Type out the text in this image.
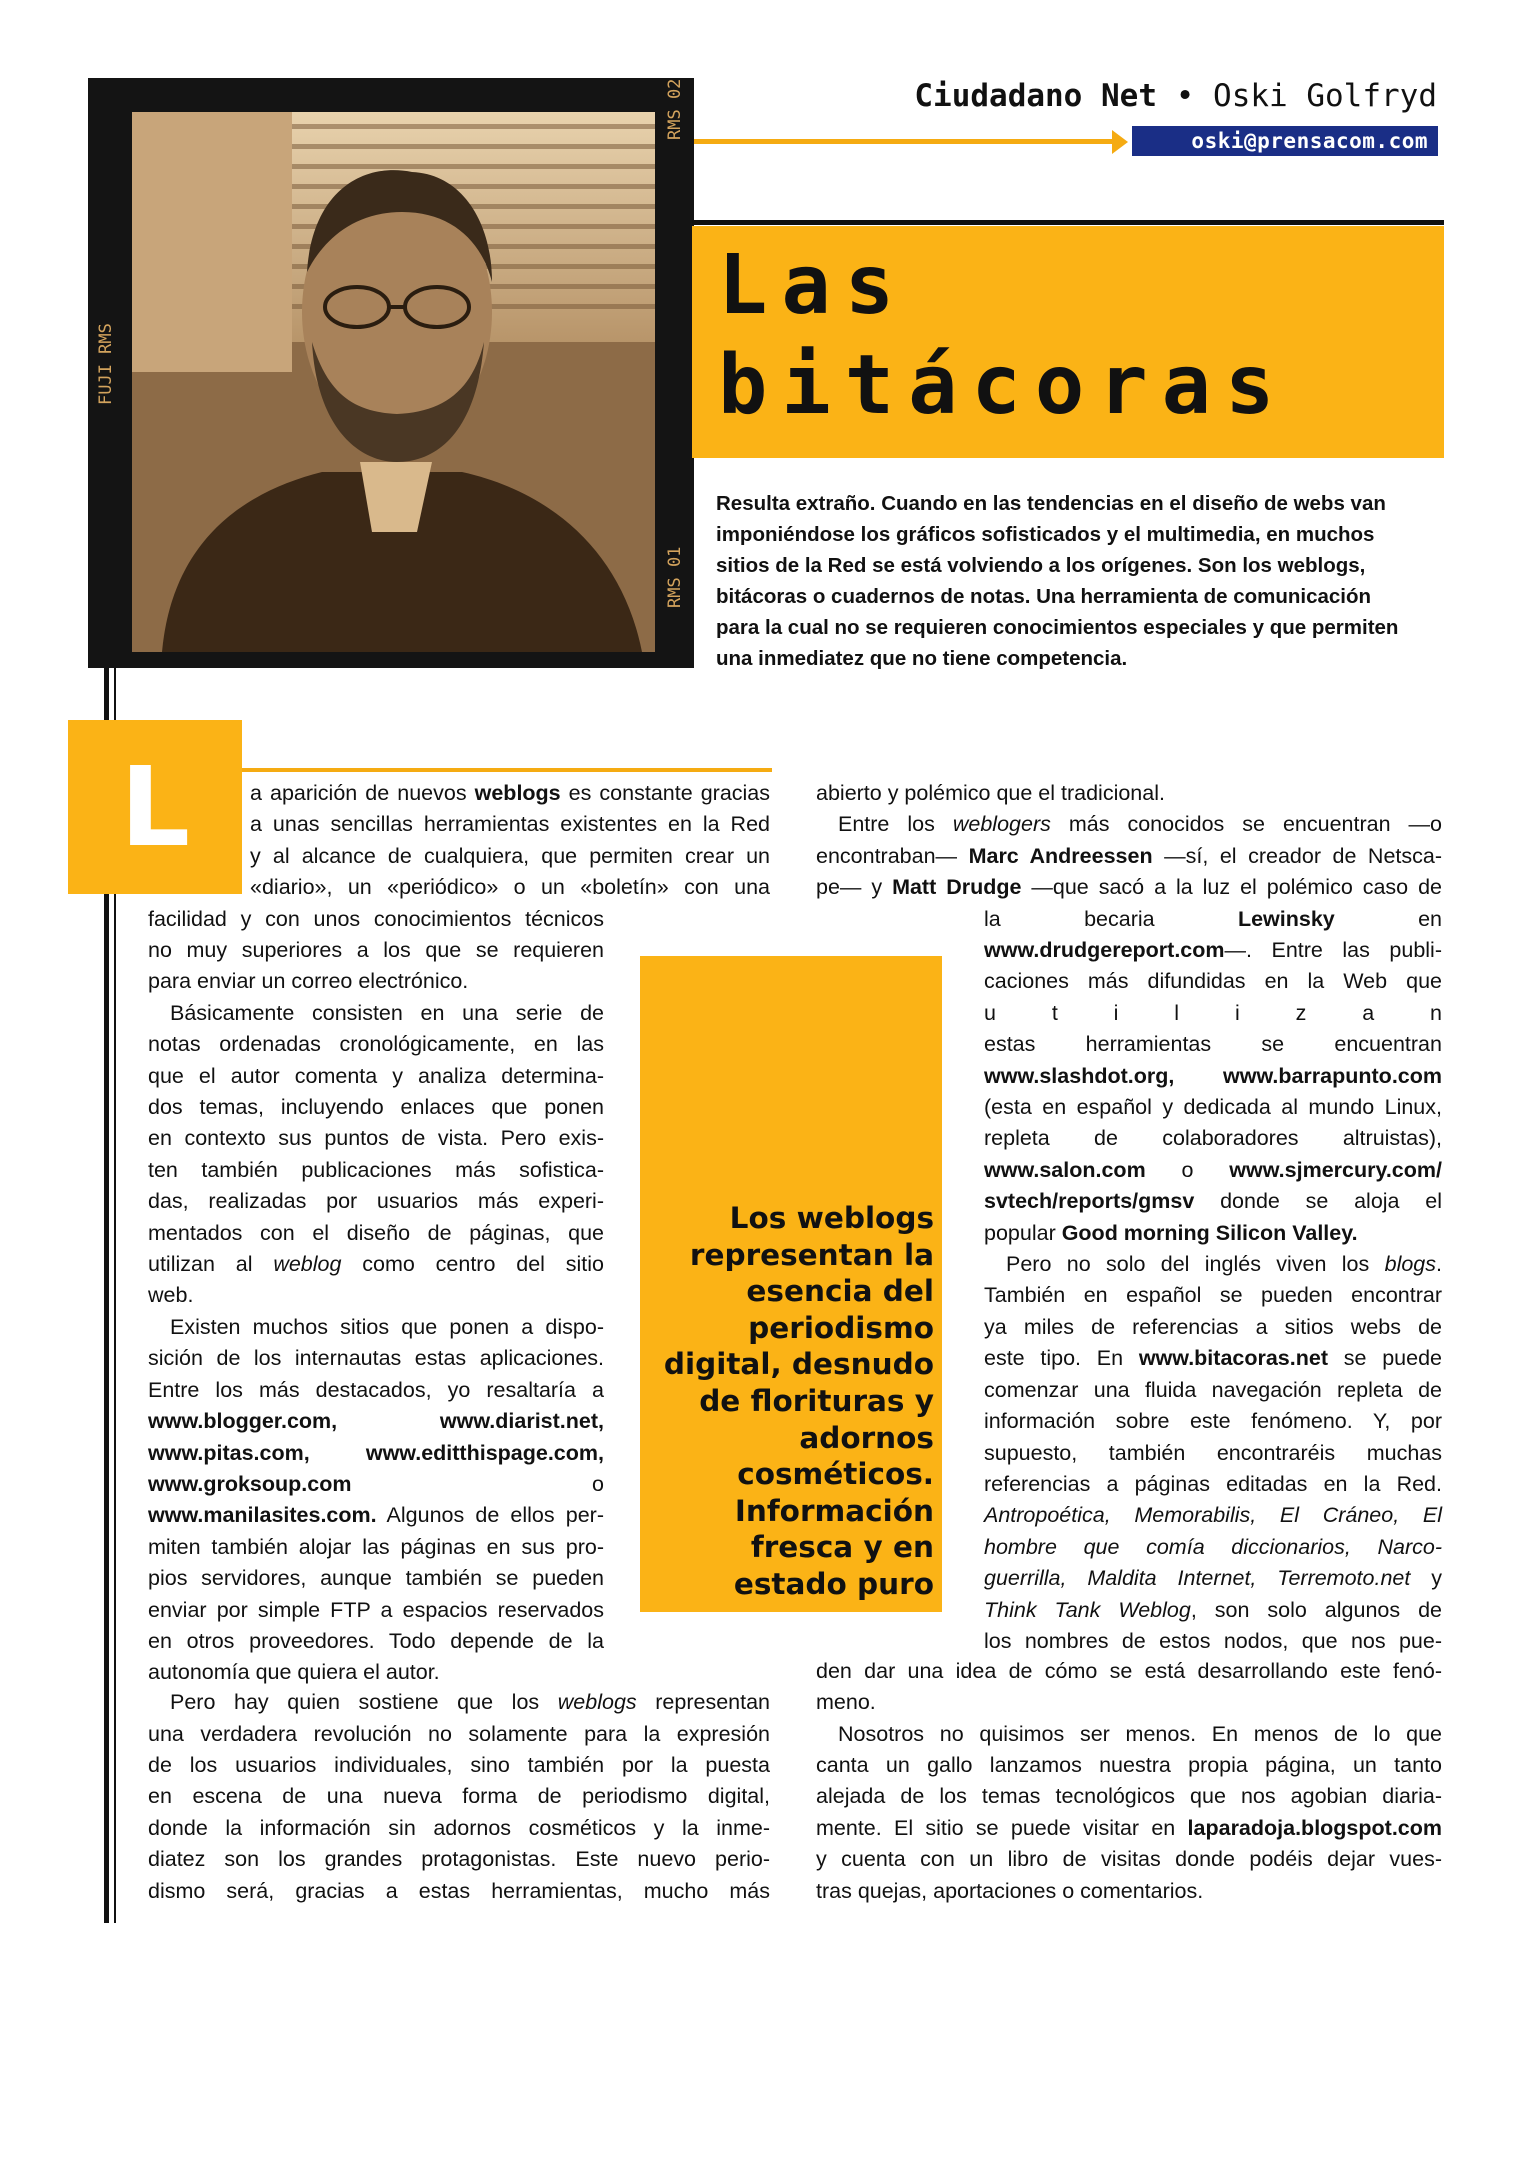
Ciudadano Net • Oski Golfryd
oski@prensacom.com
RMS 02
RMS 01
FUJI RMS
Las
bitácoras
Resulta extraño. Cuando en las tendencias en el diseño de webs van
imponiéndose los gráficos sofisticados y el multimedia, en muchos
sitios de la Red se está volviendo a los orígenes. Son los weblogs,
bitácoras o cuadernos de notas. Una herramienta de comunicación
para la cual no se requieren conocimientos especiales y que permiten
una inmediatez que no tiene competencia.
L	a aparición de nuevos weblogs es constante gracias
a unas sencillas herramientas existentes en la Red
y al alcance de cualquiera, que permiten crear un
«diario», un «periódico» o un «boletín» con una
facilidad y con unos conocimientos técnicos
no muy superiores a los que se requieren
para enviar un correo electrónico.
Básicamente consisten en una serie de
notas ordenadas cronológicamente, en las
que el autor comenta y analiza determina-
dos temas, incluyendo enlaces que ponen
en contexto sus puntos de vista. Pero exis-
ten también publicaciones más sofistica-
das, realizadas por usuarios más experi-
mentados con el diseño de páginas, que
utilizan al weblog como centro del sitio
web.
Existen muchos sitios que ponen a dispo-
sición de los internautas estas aplicaciones.
Entre los más destacados, yo resaltaría a
www.blogger.com,	www.diarist.net,
www.pitas.com,	www.editthispage.com,
www.groksoup.com	o
www.manilasites.com. Algunos de ellos per-
miten también alojar las páginas en sus pro-
pios servidores, aunque también se pueden
enviar por simple FTP a espacios reservados
en otros proveedores. Todo depende de la
autonomía que quiera el autor.
Pero hay quien sostiene que los weblogs representan
una verdadera revolución no solamente para la expresión
de los usuarios individuales, sino también por la puesta
en escena de una nueva forma de periodismo digital,
donde la información sin adornos cosméticos y la inme-
diatez son los grandes protagonistas. Este nuevo perio-
dismo será, gracias a estas herramientas, mucho más
Los weblogs representan la esencia del periodismo digital, desnudo de florituras y adornos cosméticos. Información fresca y en estado puro
abierto y polémico que el tradicional.
Entre los weblogers más conocidos se encuentran —o
encontraban— Marc Andreessen —sí, el creador de Netsca-
pe— y Matt Drudge —que sacó a la luz el polémico caso de
la	becaria	Lewinsky	en
www.drudgereport.com—. Entre las publi-
caciones más difundidas en la Web que
u t i l i z a n
estas herramientas se encuentran
www.slashdot.org, www.barrapunto.com
(esta en español y dedicada al mundo Linux,
repleta de colaboradores altruistas),
www.salon.com o www.sjmercury.com/
svtech/reports/gmsv donde se aloja el
popular Good morning Silicon Valley.
Pero no solo del inglés viven los blogs.
También en español se pueden encontrar
ya miles de referencias a sitios webs de
este tipo. En www.bitacoras.net se puede
comenzar una fluida navegación repleta de
información sobre este fenómeno. Y, por
supuesto, también encontraréis muchas
referencias a páginas editadas en la Red.
Antropoética, Memorabilis, El Cráneo, El
hombre que comía diccionarios, Narco-
guerrilla, Maldita Internet, Terremoto.net y
Think Tank Weblog, son solo algunos de
los nombres de estos nodos, que nos pue-
den dar una idea de cómo se está desarrollando este fenó-
meno.
Nosotros no quisimos ser menos. En menos de lo que
canta un gallo lanzamos nuestra propia página, un tanto
alejada de los temas tecnológicos que nos agobian diaria-
mente. El sitio se puede visitar en laparadoja.blogspot.com
y cuenta con un libro de visitas donde podéis dejar vues-
tras quejas, aportaciones o comentarios.
